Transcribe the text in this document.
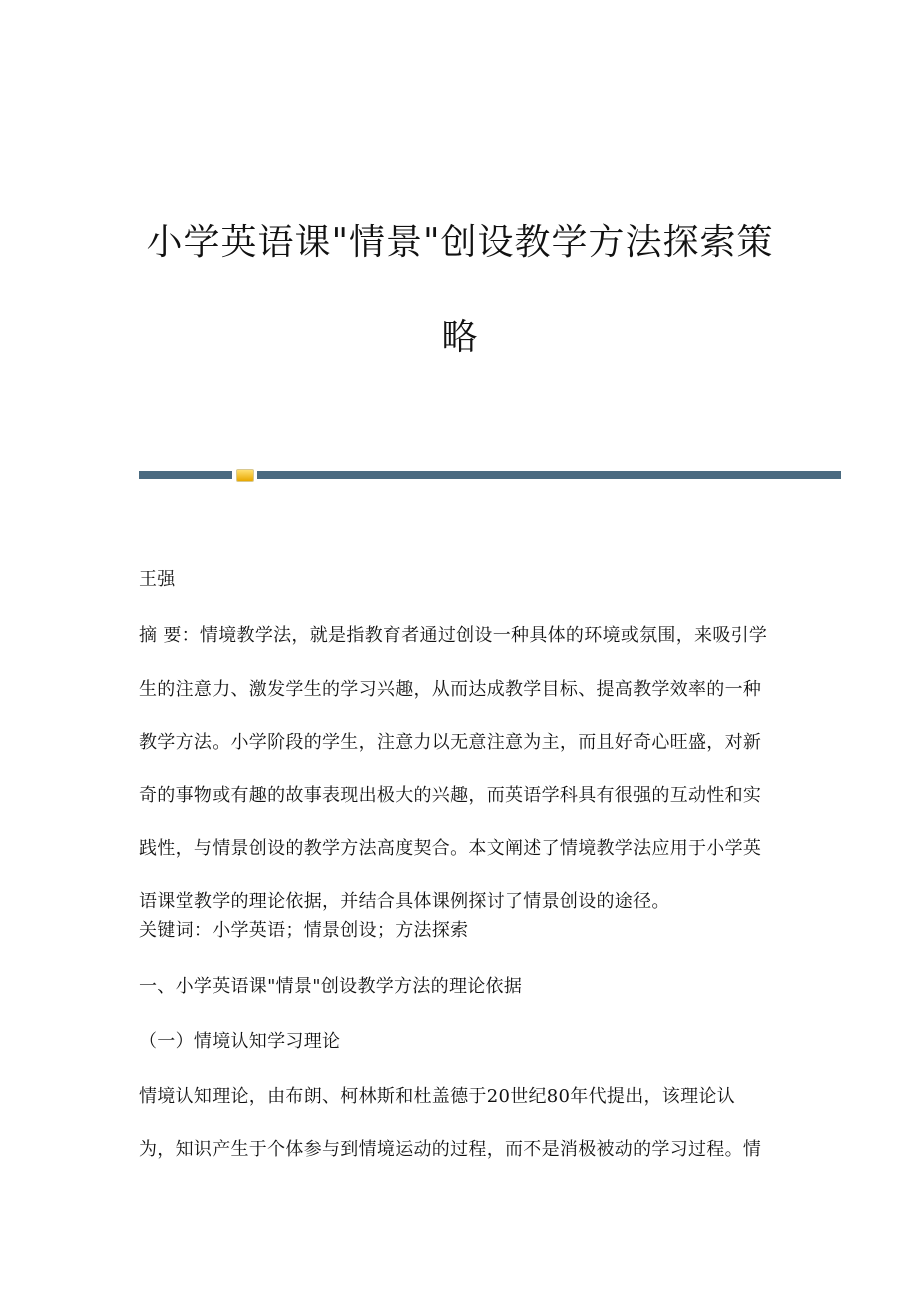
小学英语课"情景"创设教学方法探索策
略
王强
摘 要：情境教学法，就是指教育者通过创设一种具体的环境或氛围，来吸引学
生的注意力、激发学生的学习兴趣，从而达成教学目标、提高教学效率的一种
教学方法。小学阶段的学生，注意力以无意注意为主，而且好奇心旺盛，对新
奇的事物或有趣的故事表现出极大的兴趣，而英语学科具有很强的互动性和实
践性，与情景创设的教学方法高度契合。本文阐述了情境教学法应用于小学英
语课堂教学的理论依据，并结合具体课例探讨了情景创设的途径。
关键词：小学英语；情景创设；方法探索
一、小学英语课"情景"创设教学方法的理论依据
（一）情境认知学习理论
情境认知理论，由布朗、柯林斯和杜盖德于20世纪80年代提出，该理论认
为，知识产生于个体参与到情境运动的过程，而不是消极被动的学习过程。情
